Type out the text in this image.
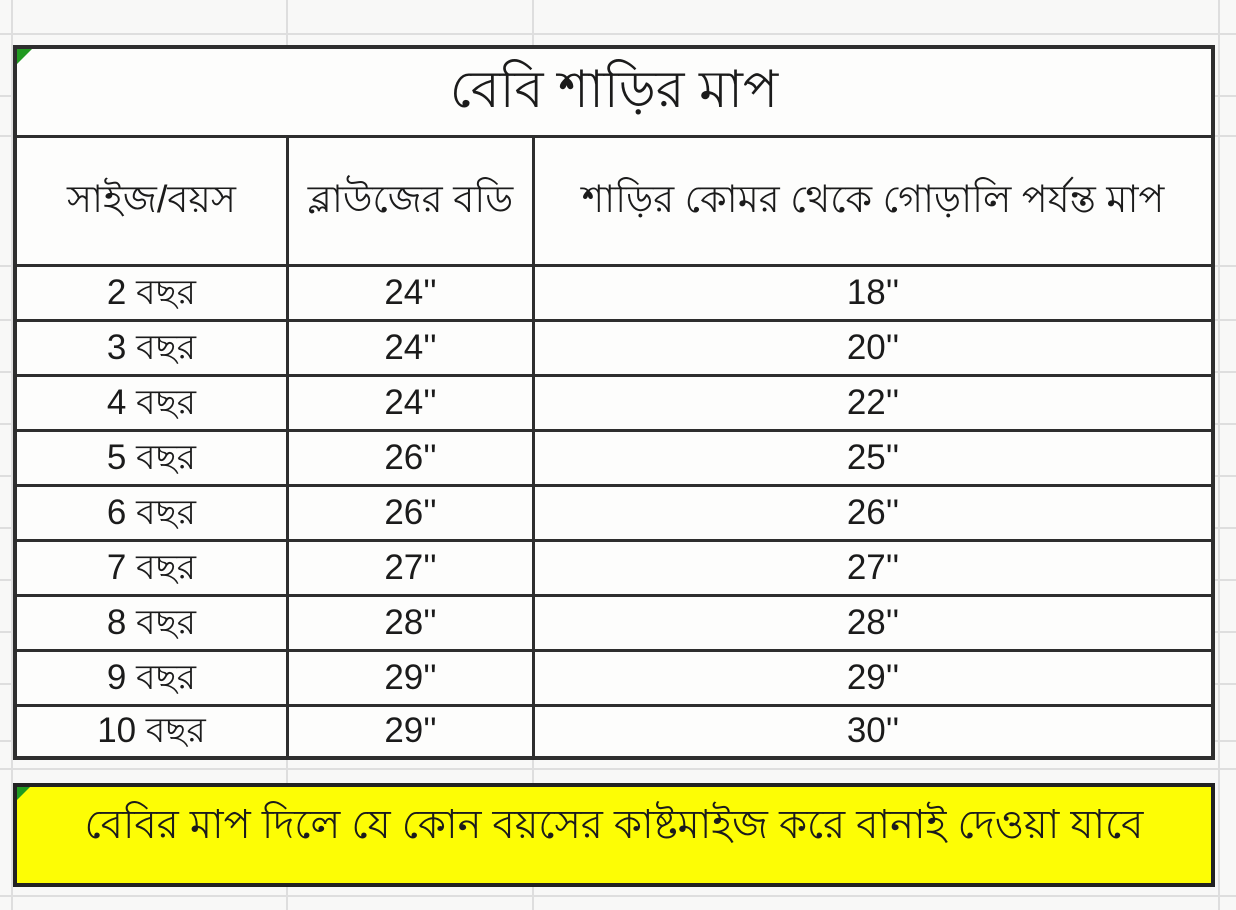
বেবি শাড়ির মাপ
সাইজ/বয়স	ব্লাউজের বডি	শাড়ির কোমর থেকে গোড়ালি পর্যন্ত মাপ
2 বছর	24''	18''
3 বছর	24''	20''
4 বছর	24''	22''
5 বছর	26''	25''
6 বছর	26''	26''
7 বছর	27''	27''
8 বছর	28''	28''
9 বছর	29''	29''
10 বছর	29''	30''
বেবির মাপ দিলে যে কোন বয়সের কাষ্টমাইজ করে বানাই দেওয়া যাবে
